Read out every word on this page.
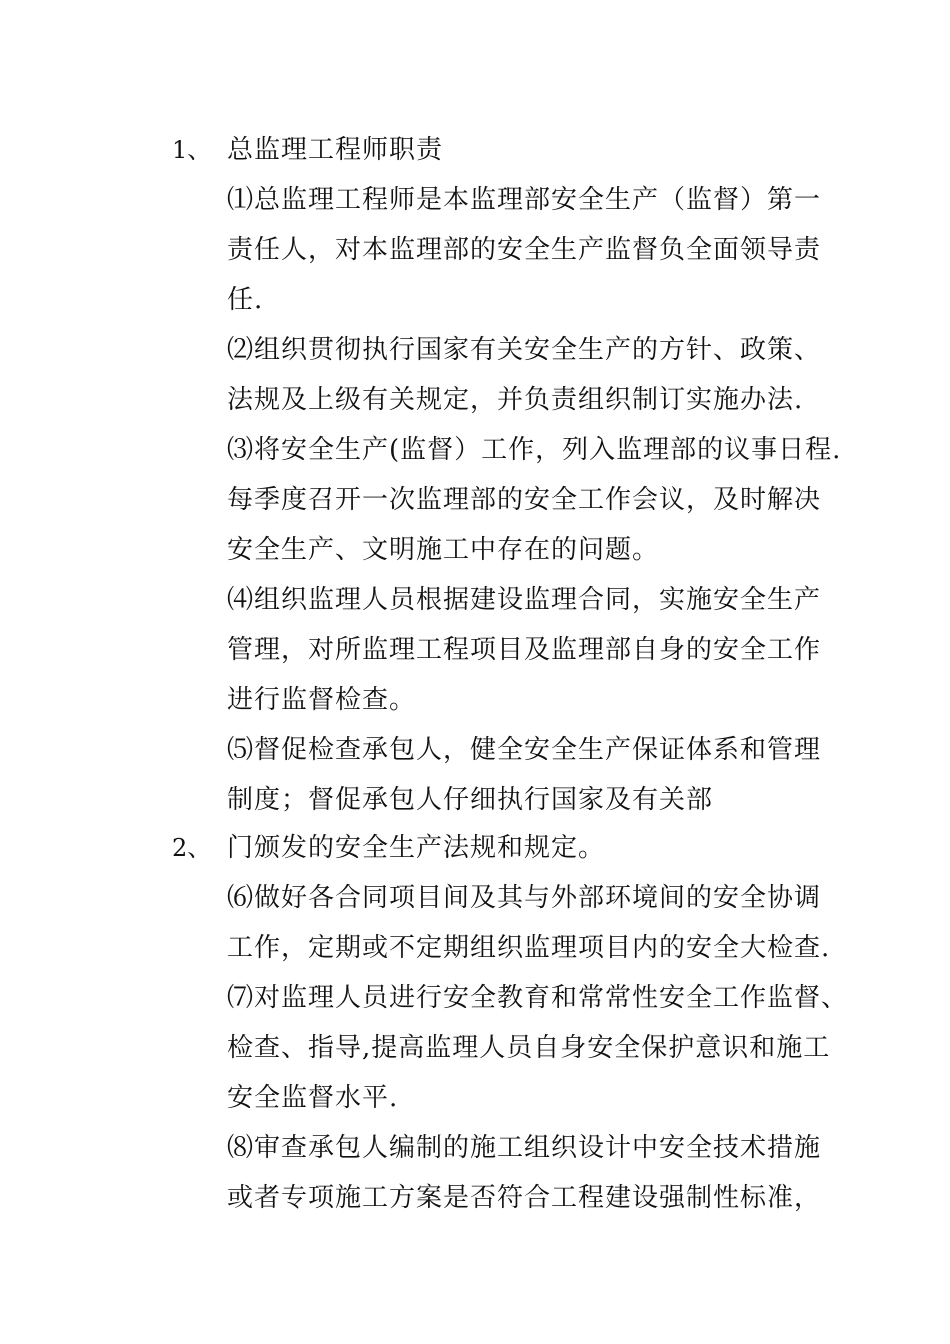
1、 总监理工程师职责
⑴总监理工程师是本监理部安全生产（监督）第一
责任人，对本监理部的安全生产监督负全面领导责
任.
⑵组织贯彻执行国家有关安全生产的方针、政策、
法规及上级有关规定，并负责组织制订实施办法.
⑶将安全生产(监督）工作，列入监理部的议事日程.
每季度召开一次监理部的安全工作会议，及时解决
安全生产、文明施工中存在的问题。
⑷组织监理人员根据建设监理合同，实施安全生产
管理，对所监理工程项目及监理部自身的安全工作
进行监督检查。
⑸督促检查承包人，健全安全生产保证体系和管理
制度；督促承包人仔细执行国家及有关部
2、 门颁发的安全生产法规和规定。
⑹做好各合同项目间及其与外部环境间的安全协调
工作，定期或不定期组织监理项目内的安全大检查.
⑺对监理人员进行安全教育和常常性安全工作监督、
检查、指导,提高监理人员自身安全保护意识和施工
安全监督水平.
⑻审查承包人编制的施工组织设计中安全技术措施
或者专项施工方案是否符合工程建设强制性标准，
